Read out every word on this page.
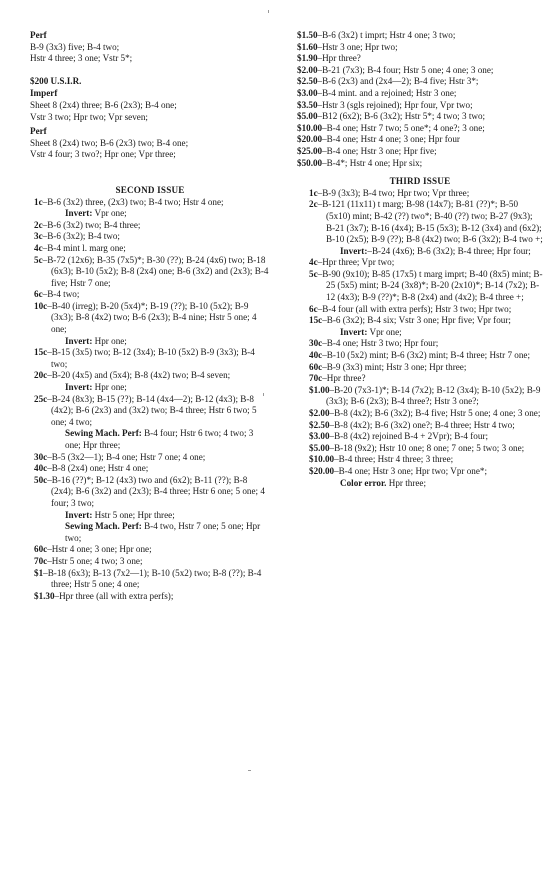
Perf
B-9 (3x3) five; B-4 two;
Hstr 4 three; 3 one; Vstr 5*;
$200 U.S.I.R.
Imperf
Sheet 8 (2x4) three; B-6 (2x3); B-4 one;
Vstr 3 two; Hpr two; Vpr seven;
Perf
Sheet 8 (2x4) two; B-6 (2x3) two; B-4 one;
Vstr 4 four; 3 two?; Hpr one; Vpr three;
SECOND ISSUE

1c–B-6 (3x2) three, (2x3) two; B-4 two; Hstr 4 one;
Invert: Vpr one;

2c–B-6 (3x2) two; B-4 three;

3c–B-6 (3x2); B-4 two;

4c–B-4 mint l. marg one;

5c–B-72 (12x6); B-35 (7x5)*; B-30 (??); B-24 (4x6) two; B-18 (6x3); B-10 (5x2); B-8 (2x4) one; B-6 (3x2) and (2x3); B-4 five; Hstr 7 one;

6c–B-4 two;

10c–B-40 (irreg); B-20 (5x4)*; B-19 (??); B-10 (5x2); B-9 (3x3); B-8 (4x2) two; B-6 (2x3); B-4 nine; Hstr 5 one; 4 one;
Invert: Hpr one;

15c–B-15 (3x5) two; B-12 (3x4); B-10 (5x2) B-9 (3x3); B-4 two;

20c–B-20 (4x5) and (5x4); B-8 (4x2) two; B-4 seven;
Invert: Hpr one;

25c–B-24 (8x3); B-15 (??); B-14 (4x4—2); B-12 (4x3); B-8 (4x2); B-6 (2x3) and (3x2) two; B-4 three; Hstr 6 two; 5 one; 4 two;
Sewing Mach. Perf: B-4 four; Hstr 6 two; 4 two; 3 one; Hpr three;

30c–B-5 (3x2—1); B-4 one; Hstr 7 one; 4 one;

40c–B-8 (2x4) one; Hstr 4 one;

50c–B-16 (??)*; B-12 (4x3) two and (6x2); B-11 (??); B-8 (2x4); B-6 (3x2) and (2x3); B-4 three; Hstr 6 one; 5 one; 4 four; 3 two;
Invert: Hstr 5 one; Hpr three;
Sewing Mach. Perf: B-4 two, Hstr 7 one; 5 one; Hpr two;

60c–Hstr 4 one; 3 one; Hpr one;

70c–Hstr 5 one; 4 two; 3 one;

$1–B-18 (6x3); B-13 (7x2—1); B-10 (5x2) two; B-8 (??); B-4 three; Hstr 5 one; 4 one;

$1.30–Hpr three (all with extra perfs);

$1.50–B-6 (3x2) t imprt; Hstr 4 one; 3 two;

$1.60–Hstr 3 one; Hpr two;

$1.90–Hpr three?

$2.00–B-21 (7x3); B-4 four; Hstr 5 one; 4 one; 3 one;

$2.50–B-6 (2x3) and (2x4—2); B-4 five; Hstr 3*;

$3.00–B-4 mint. and a rejoined; Hstr 3 one;

$3.50–Hstr 3 (sgls rejoined); Hpr four, Vpr two;

$5.00–B12 (6x2); B-6 (3x2); Hstr 5*; 4 two; 3 two;

$10.00–B-4 one; Hstr 7 two; 5 one*; 4 one?; 3 one;

$20.00–B-4 one; Hstr 4 one; 3 one; Hpr four

$25.00–B-4 one; Hstr 3 one; Hpr five;

$50.00–B-4*; Hstr 4 one; Hpr six;

THIRD ISSUE

1c–B-9 (3x3); B-4 two; Hpr two; Vpr three;

2c–B-121 (11x11) t marg; B-98 (14x7); B-81 (??)*; B-50 (5x10) mint; B-42 (??) two*; B-40 (??) two; B-27 (9x3); B-21 (3x7); B-16 (4x4); B-15 (5x3); B-12 (3x4) and (6x2); B-10 (2x5); B-9 (??); B-8 (4x2) two; B-6 (3x2); B-4 two +;
Invert:–B-24 (4x6); B-6 (3x2); B-4 three; Hpr four;

4c–Hpr three; Vpr two;

5c–B-90 (9x10); B-85 (17x5) t marg imprt; B-40 (8x5) mint; B-25 (5x5) mint; B-24 (3x8)*; B-20 (2x10)*; B-14 (7x2); B-12 (4x3); B-9 (??)*; B-8 (2x4) and (4x2); B-4 three +;

6c–B-4 four (all with extra perfs); Hstr 3 two; Hpr two;

15c–B-6 (3x2); B-4 six; Vstr 3 one; Hpr five; Vpr four;
Invert: Vpr one;

30c–B-4 one; Hstr 3 two; Hpr four;

40c–B-10 (5x2) mint; B-6 (3x2) mint; B-4 three; Hstr 7 one;

60c–B-9 (3x3) mint; Hstr 3 one; Hpr three;

70c–Hpr three?

$1.00–B-20 (7x3-1)*; B-14 (7x2); B-12 (3x4); B-10 (5x2); B-9 (3x3); B-6 (2x3); B-4 three?; Hstr 3 one?;

$2.00–B-8 (4x2); B-6 (3x2); B-4 five; Hstr 5 one; 4 one; 3 one;

$2.50–B-8 (4x2); B-6 (3x2) one?; B-4 three; Hstr 4 two;

$3.00–B-8 (4x2) rejoined B-4 + 2Vpr); B-4 four;

$5.00–B-18 (9x2); Hstr 10 one; 8 one; 7 one; 5 two; 3 one;

$10.00–B-4 three; Hstr 4 three; 3 three;

$20.00–B-4 one; Hstr 3 one; Hpr two; Vpr one*;
Color error. Hpr three;
